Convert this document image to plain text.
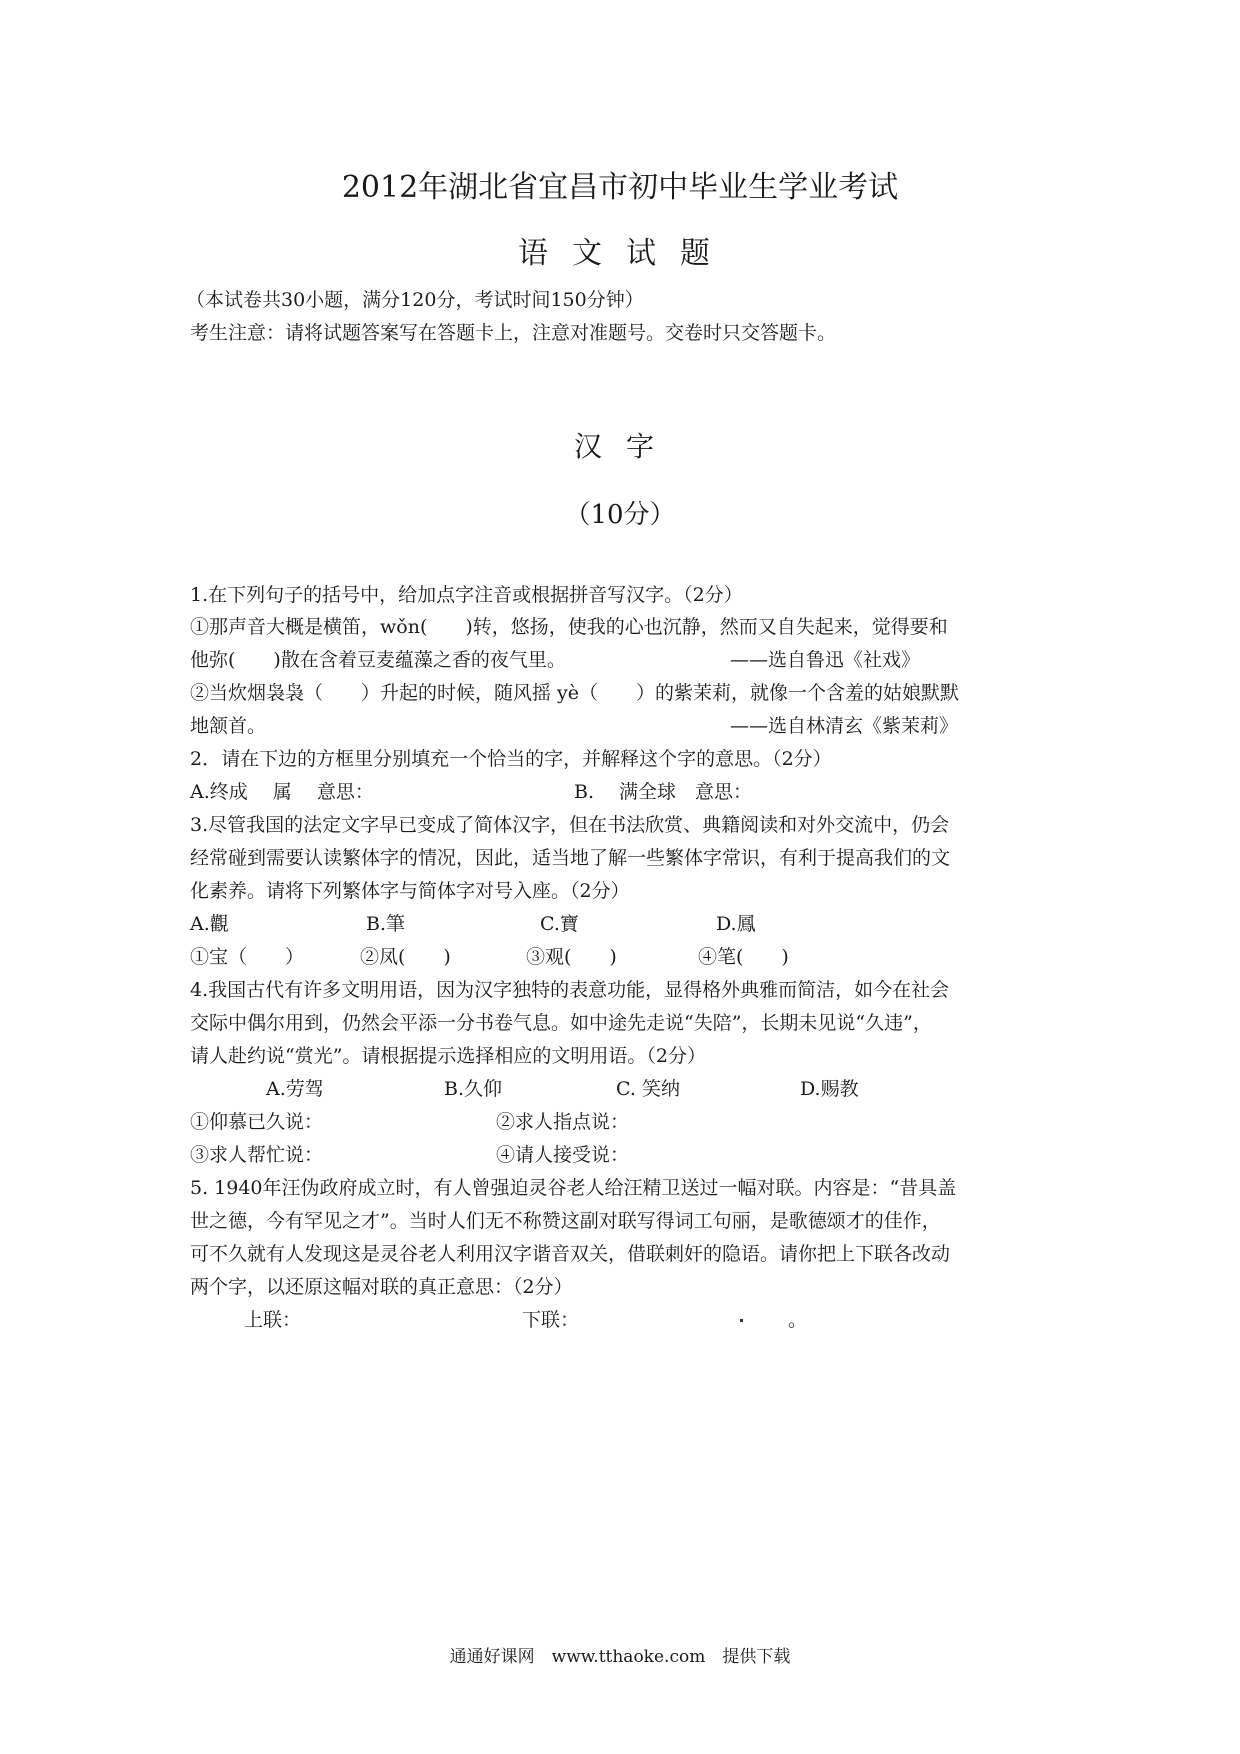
2012年湖北省宜昌市初中毕业生学业考试
语文试题
（本试卷共30小题，满分120分，考试时间150分钟）
考生注意：请将试题答案写在答题卡上，注意对准题号。交卷时只交答题卡。
汉字
（10分）
1.在下列句子的括号中，给加点字注音或根据拼音写汉字。（2分）
①那声音大概是横笛，wǒn(　　)转，悠扬，使我的心也沉静，然而又自失起来，觉得要和
他弥(　　)散在含着豆麦蕴藻之香的夜气里。	——选自鲁迅《社戏》
②当炊烟袅袅（　　）升起的时候，随风摇 yè（　　）的紫茉莉，就像一个含羞的姑娘默默
地颔首。	——选自林清玄《紫茉莉》
2．请在下边的方框里分别填充一个恰当的字，并解释这个字的意思。（2分）
A.终成　 属　 意思：	B.　 满全球　意思：
3.尽管我国的法定文字早已变成了简体汉字，但在书法欣赏、典籍阅读和对外交流中，仍会
经常碰到需要认读繁体字的情况，因此，适当地了解一些繁体字常识，有利于提高我们的文
化素养。请将下列繁体字与简体字对号入座。（2分）
A.觀	B.筆	C.寶	D.鳳
①宝（　　）	②凤(　　)	③观(　　)	④笔(　　)
4.我国古代有许多文明用语，因为汉字独特的表意功能，显得格外典雅而简洁，如今在社会
交际中偶尔用到，仍然会平添一分书卷气息。如中途先走说“失陪”，长期未见说“久违”，
请人赴约说“赏光”。请根据提示选择相应的文明用语。（2分）
A.劳驾	B.久仰	C. 笑纳	D.赐教
①仰慕已久说：	②求人指点说：
③求人帮忙说：	④请人接受说：
5. 1940年汪伪政府成立时，有人曾强迫灵谷老人给汪精卫送过一幅对联。内容是：“昔具盖
世之德，今有罕见之才”。当时人们无不称赞这副对联写得词工句丽，是歌德颂才的佳作，
可不久就有人发现这是灵谷老人利用汉字谐音双关，借联刺奸的隐语。请你把上下联各改动
两个字，以还原这幅对联的真正意思：（2分）
上联：	下联：	。
通通好课网　www.tthaoke.com　提供下载
